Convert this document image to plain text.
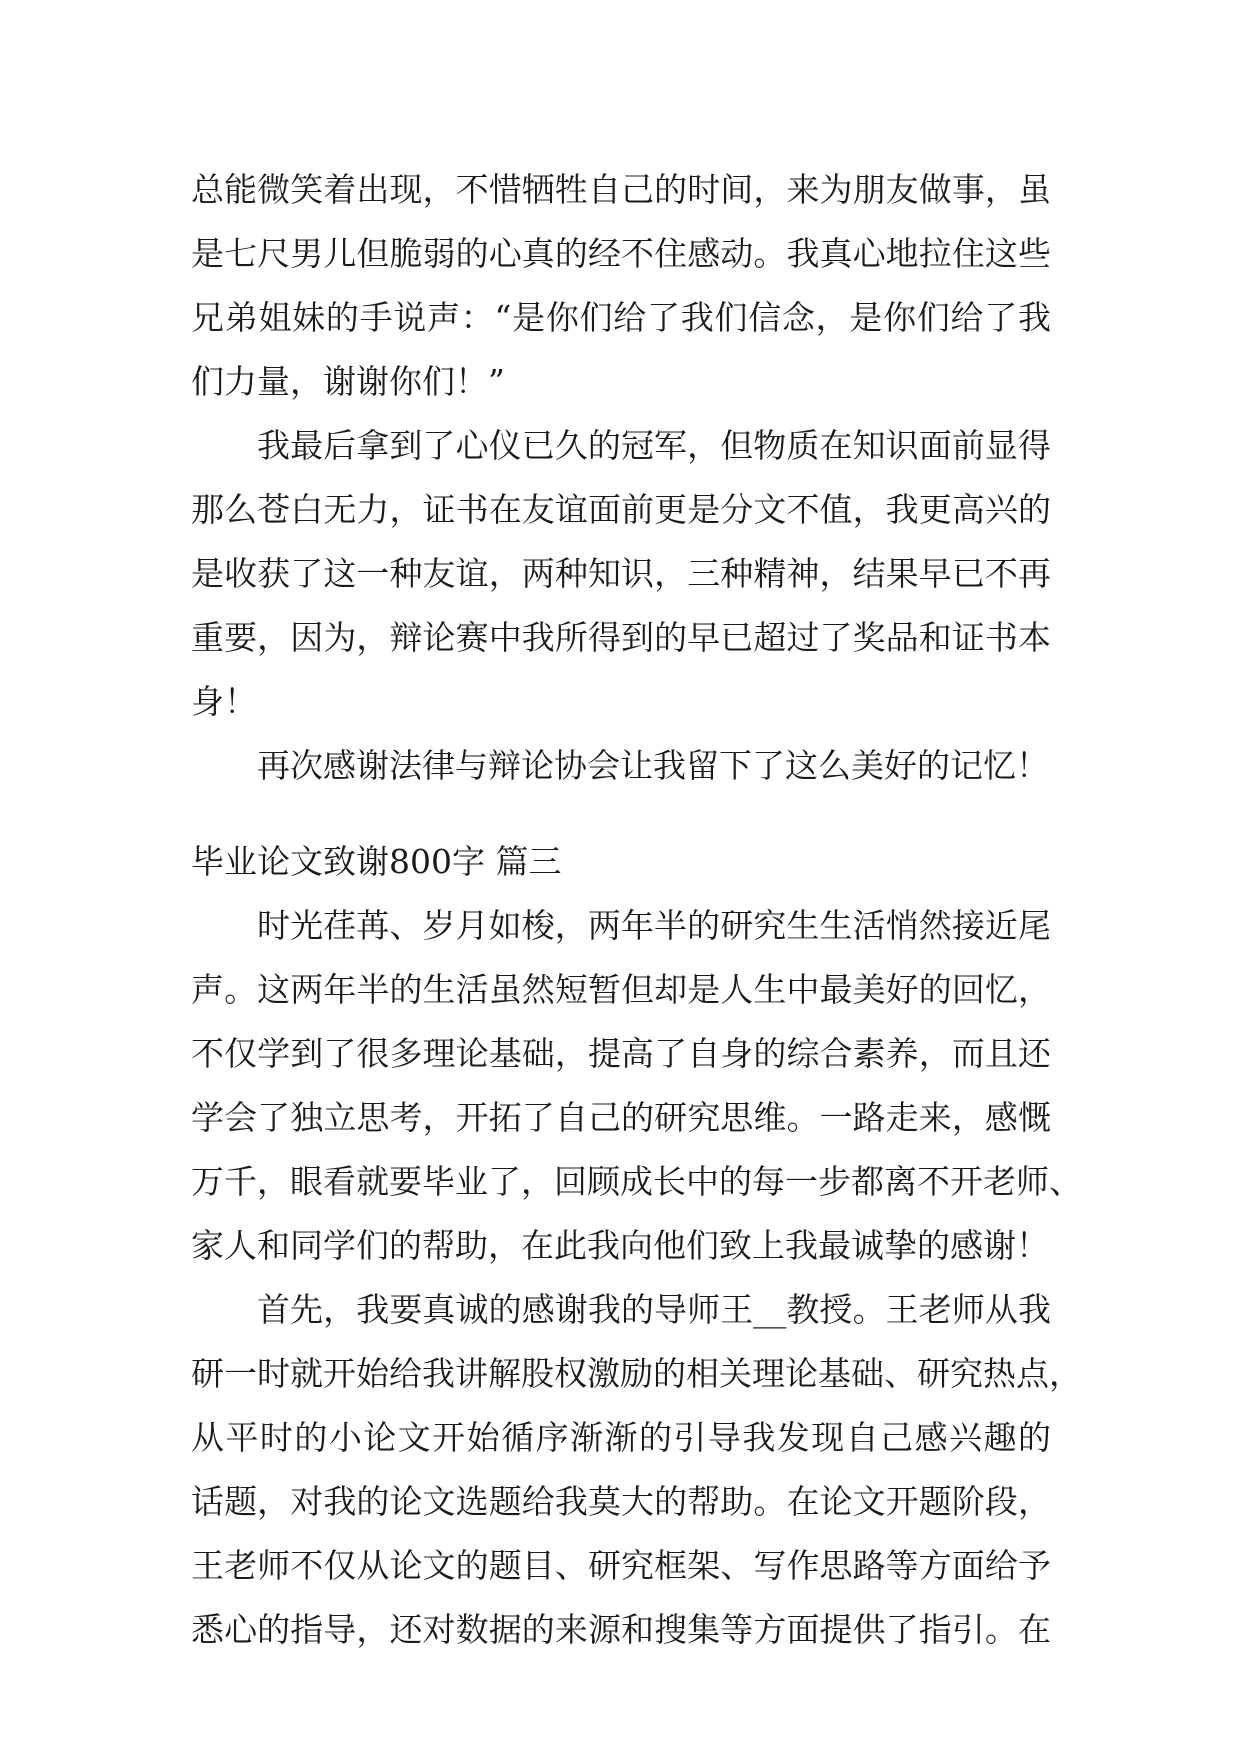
总能微笑着出现，不惜牺牲自己的时间，来为朋友做事，虽
是七尺男儿但脆弱的心真的经不住感动。我真心地拉住这些
兄弟姐妹的手说声：“是你们给了我们信念，是你们给了我
们力量，谢谢你们！”
我最后拿到了心仪已久的冠军，但物质在知识面前显得
那么苍白无力，证书在友谊面前更是分文不值，我更高兴的
是收获了这一种友谊，两种知识，三种精神，结果早已不再
重要，因为，辩论赛中我所得到的早已超过了奖品和证书本
身！
再次感谢法律与辩论协会让我留下了这么美好的记忆！
毕业论文致谢800字 篇三
时光荏苒、岁月如梭，两年半的研究生生活悄然接近尾
声。这两年半的生活虽然短暂但却是人生中最美好的回忆，
不仅学到了很多理论基础，提高了自身的综合素养，而且还
学会了独立思考，开拓了自己的研究思维。一路走来，感慨
万千，眼看就要毕业了，回顾成长中的每一步都离不开老师、
家人和同学们的帮助，在此我向他们致上我最诚挚的感谢！
首先，我要真诚的感谢我的导师王__教授。王老师从我
研一时就开始给我讲解股权激励的相关理论基础、研究热点，
从平时的小论文开始循序渐渐的引导我发现自己感兴趣的
话题，对我的论文选题给我莫大的帮助。在论文开题阶段，
王老师不仅从论文的题目、研究框架、写作思路等方面给予
悉心的指导，还对数据的来源和搜集等方面提供了指引。在
